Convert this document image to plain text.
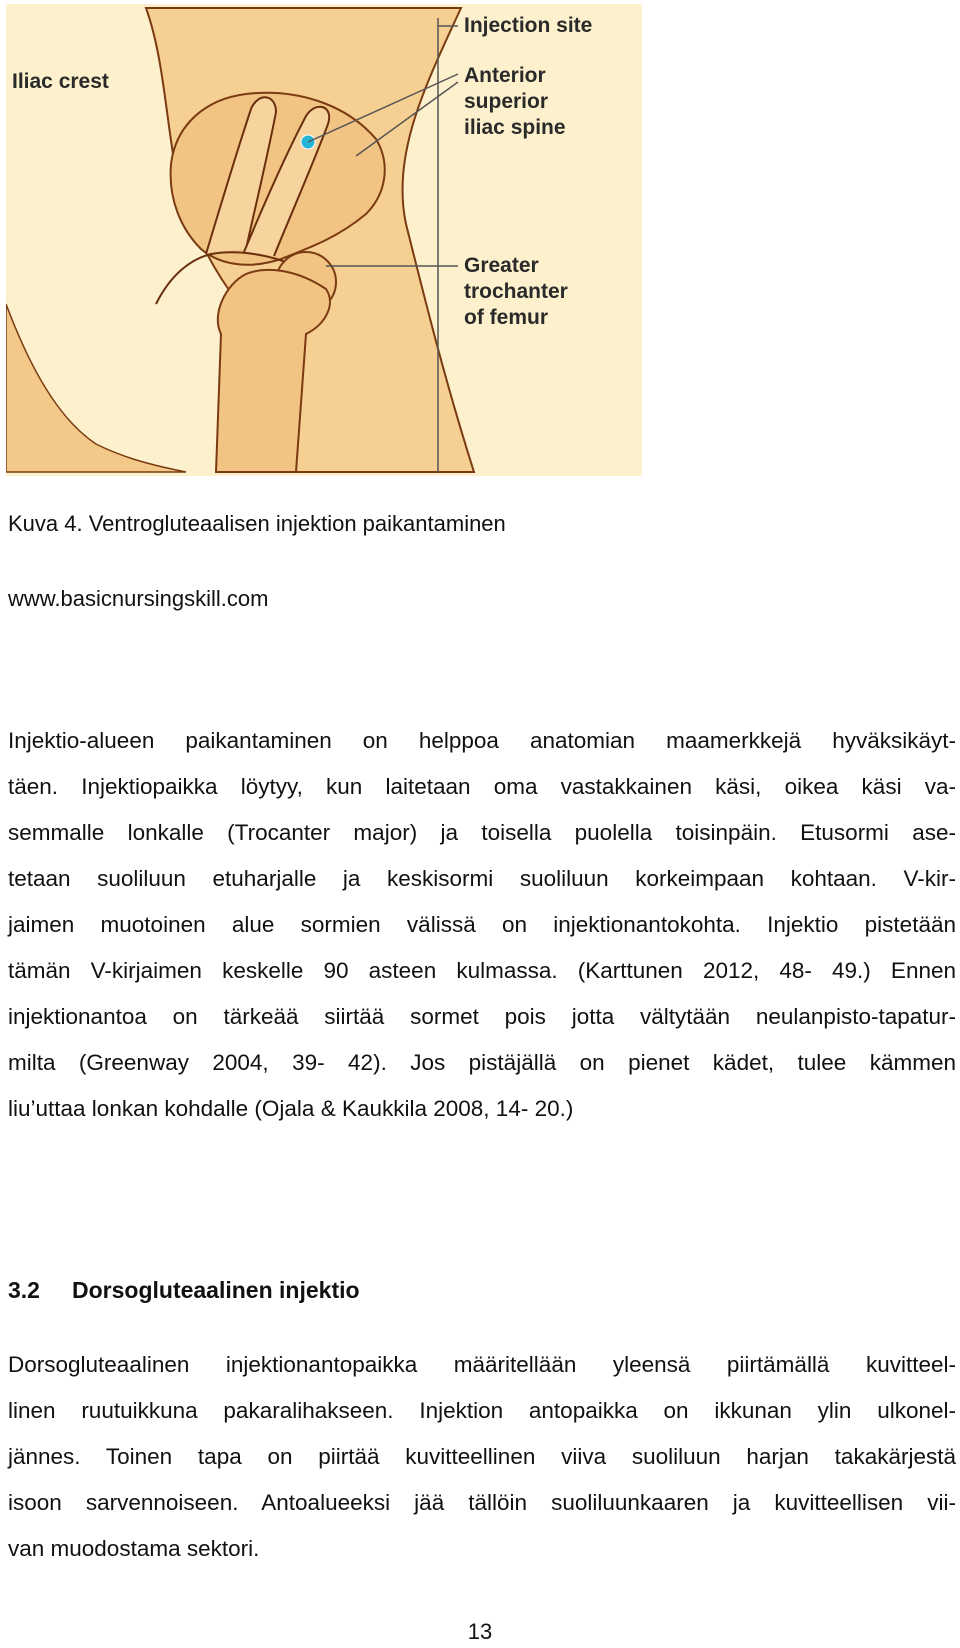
Iliac crest
Injection site
Anterior
superior
iliac spine
Greater
trochanter
of femur
Kuva 4. Ventrogluteaalisen injektion paikantaminen
www.basicnursingskill.com
Injektio-alueen paikantaminen on helppoa anatomian maamerkkejä hyväksikäyt-
täen. Injektiopaikka löytyy, kun laitetaan oma vastakkainen käsi, oikea käsi va-
semmalle lonkalle (Trocanter major) ja toisella puolella toisinpäin. Etusormi ase-
tetaan suoliluun etuharjalle ja keskisormi suoliluun korkeimpaan kohtaan. V-kir-
jaimen muotoinen alue sormien välissä on injektionantokohta. Injektio pistetään
tämän V-kirjaimen keskelle 90 asteen kulmassa. (Karttunen 2012, 48- 49.) Ennen
injektionantoa on tärkeää siirtää sormet pois jotta vältytään neulanpisto-tapatur-
milta (Greenway 2004, 39- 42). Jos pistäjällä on pienet kädet, tulee kämmen
liu’uttaa lonkan kohdalle (Ojala & Kaukkila 2008, 14- 20.)
3.2 Dorsogluteaalinen injektio
Dorsogluteaalinen injektionantopaikka määritellään yleensä piirtämällä kuvitteel-
linen ruutuikkuna pakaralihakseen. Injektion antopaikka on ikkunan ylin ulkonel-
jännes. Toinen tapa on piirtää kuvitteellinen viiva suoliluun harjan takakärjestä
isoon sarvennoiseen. Antoalueeksi jää tällöin suoliluunkaaren ja kuvitteellisen vii-
van muodostama sektori.
13
